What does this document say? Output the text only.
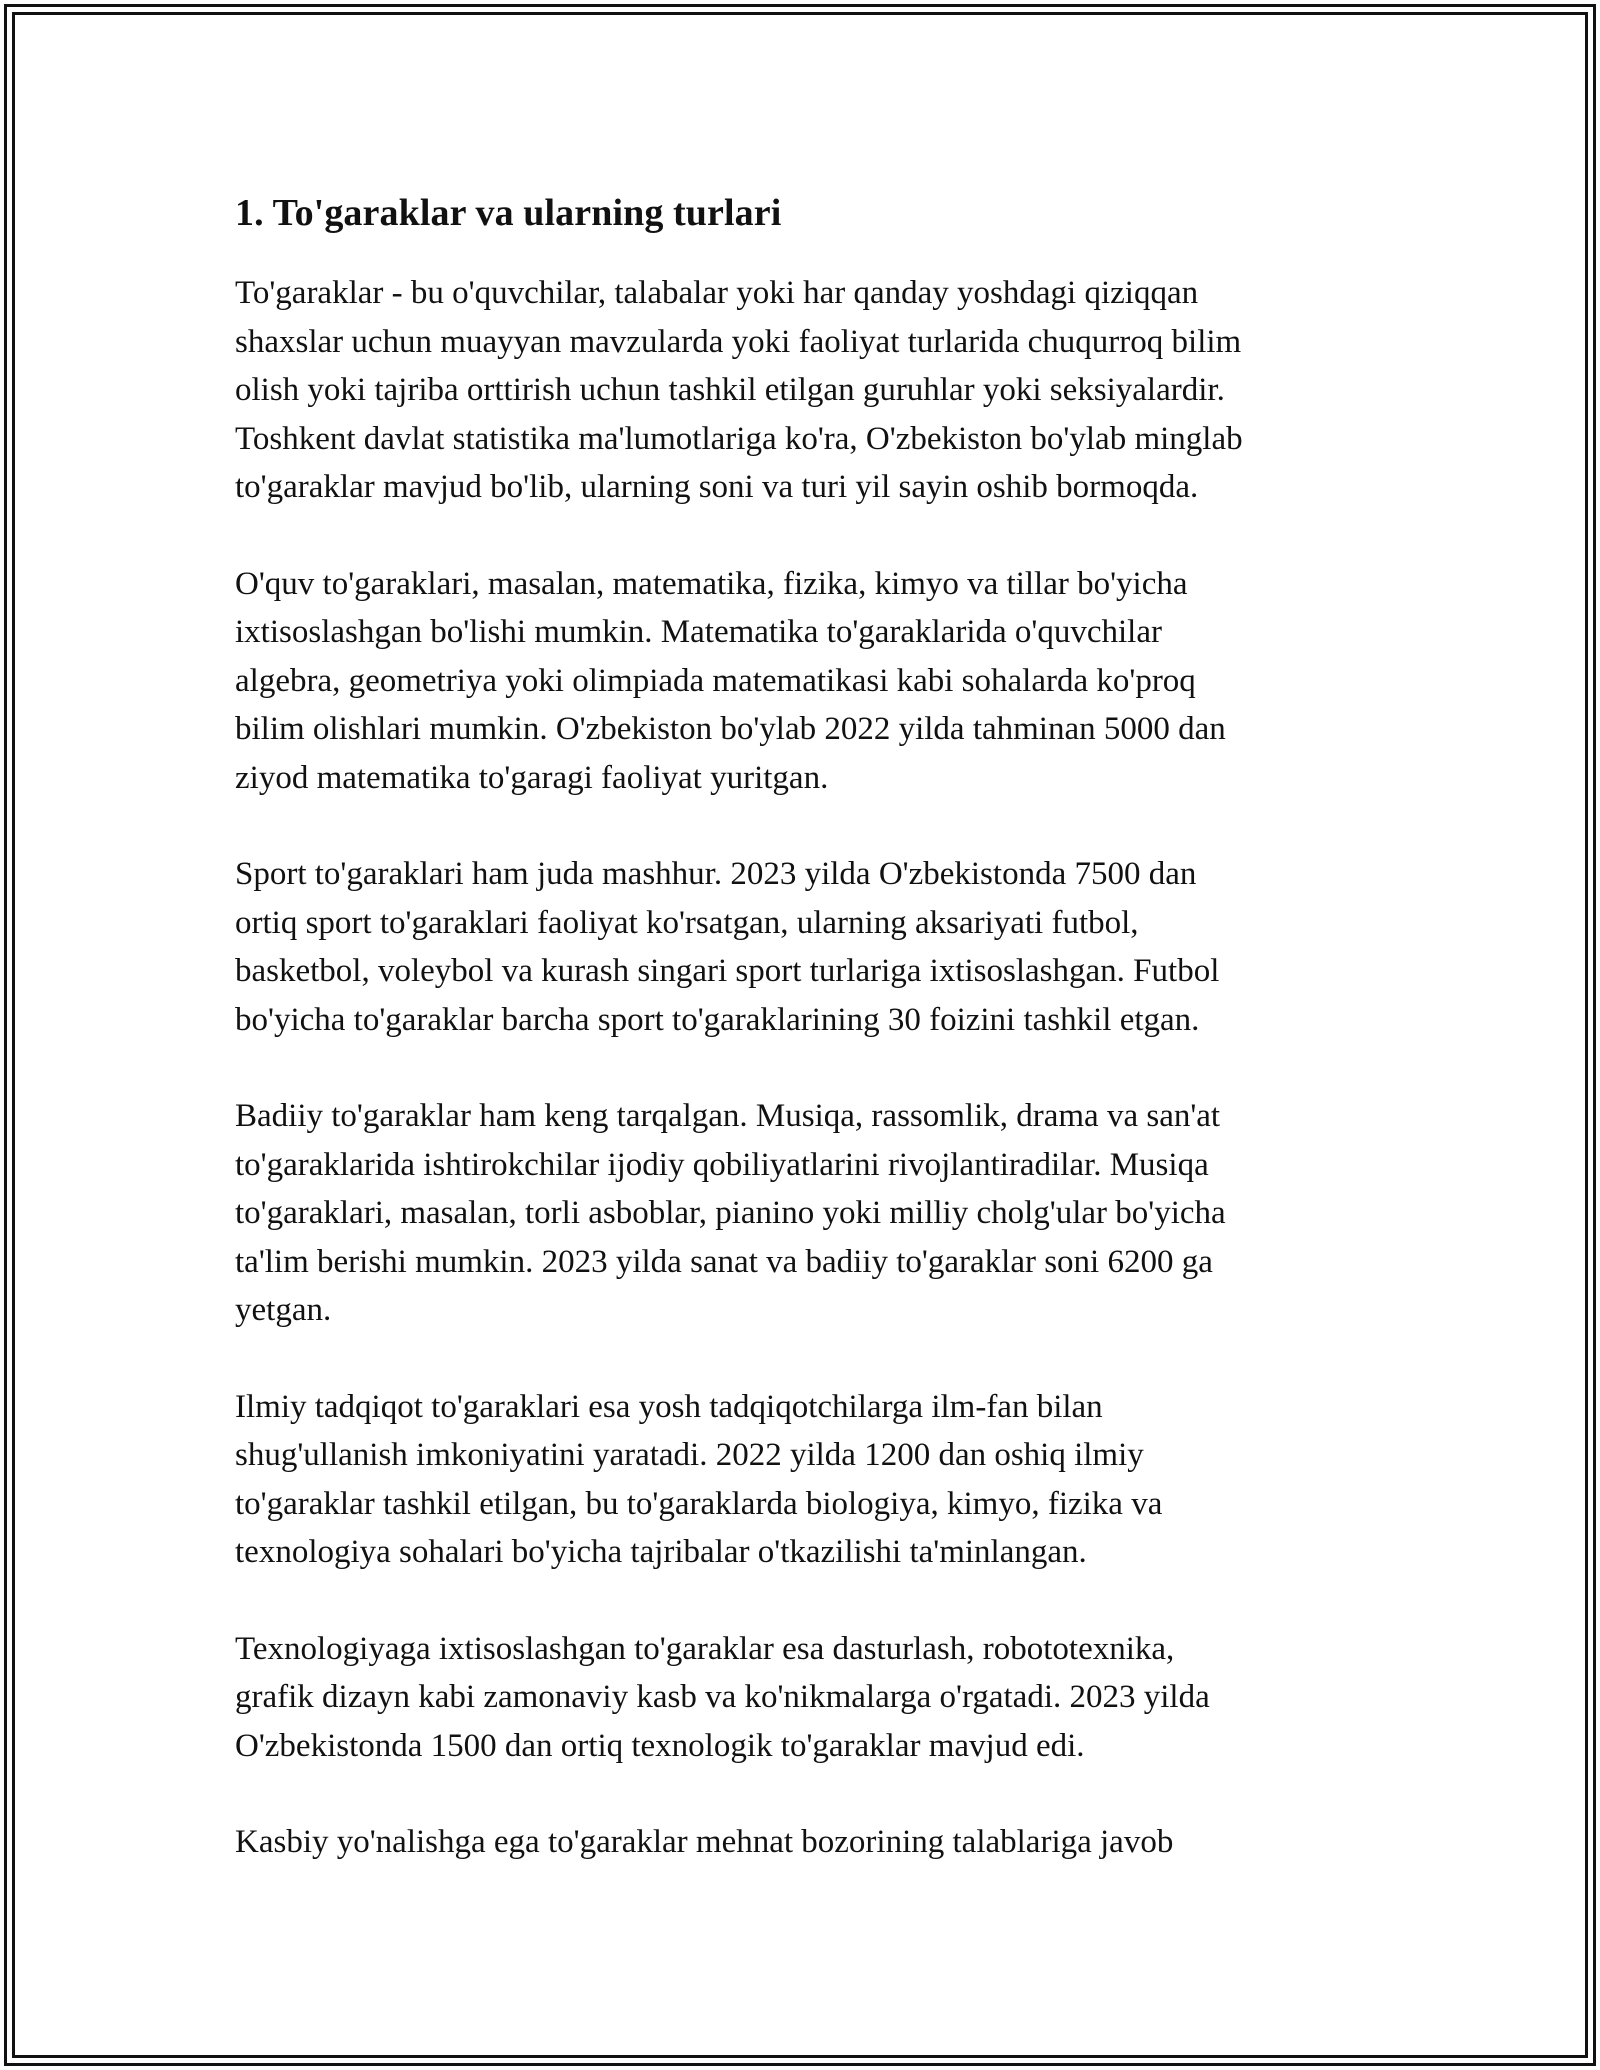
1. To'garaklar va ularning turlari

To'garaklar - bu o'quvchilar, talabalar yoki har qanday yoshdagi qiziqqan
shaxslar uchun muayyan mavzularda yoki faoliyat turlarida chuqurroq bilim
olish yoki tajriba orttirish uchun tashkil etilgan guruhlar yoki seksiyalardir.
Toshkent davlat statistika ma'lumotlariga ko'ra, O'zbekiston bo'ylab minglab
to'garaklar mavjud bo'lib, ularning soni va turi yil sayin oshib bormoqda.

O'quv to'garaklari, masalan, matematika, fizika, kimyo va tillar bo'yicha
ixtisoslashgan bo'lishi mumkin. Matematika to'garaklarida o'quvchilar
algebra, geometriya yoki olimpiada matematikasi kabi sohalarda ko'proq
bilim olishlari mumkin. O'zbekiston bo'ylab 2022 yilda tahminan 5000 dan
ziyod matematika to'garagi faoliyat yuritgan.

Sport to'garaklari ham juda mashhur. 2023 yilda O'zbekistonda 7500 dan
ortiq sport to'garaklari faoliyat ko'rsatgan, ularning aksariyati futbol,
basketbol, voleybol va kurash singari sport turlariga ixtisoslashgan. Futbol
bo'yicha to'garaklar barcha sport to'garaklarining 30 foizini tashkil etgan.

Badiiy to'garaklar ham keng tarqalgan. Musiqa, rassomlik, drama va san'at
to'garaklarida ishtirokchilar ijodiy qobiliyatlarini rivojlantiradilar. Musiqa
to'garaklari, masalan, torli asboblar, pianino yoki milliy cholg'ular bo'yicha
ta'lim berishi mumkin. 2023 yilda sanat va badiiy to'garaklar soni 6200 ga
yetgan.

Ilmiy tadqiqot to'garaklari esa yosh tadqiqotchilarga ilm-fan bilan
shug'ullanish imkoniyatini yaratadi. 2022 yilda 1200 dan oshiq ilmiy
to'garaklar tashkil etilgan, bu to'garaklarda biologiya, kimyo, fizika va
texnologiya sohalari bo'yicha tajribalar o'tkazilishi ta'minlangan.

Texnologiyaga ixtisoslashgan to'garaklar esa dasturlash, robototexnika,
grafik dizayn kabi zamonaviy kasb va ko'nikmalarga o'rgatadi. 2023 yilda
O'zbekistonda 1500 dan ortiq texnologik to'garaklar mavjud edi.

Kasbiy yo'nalishga ega to'garaklar mehnat bozorining talablariga javob
